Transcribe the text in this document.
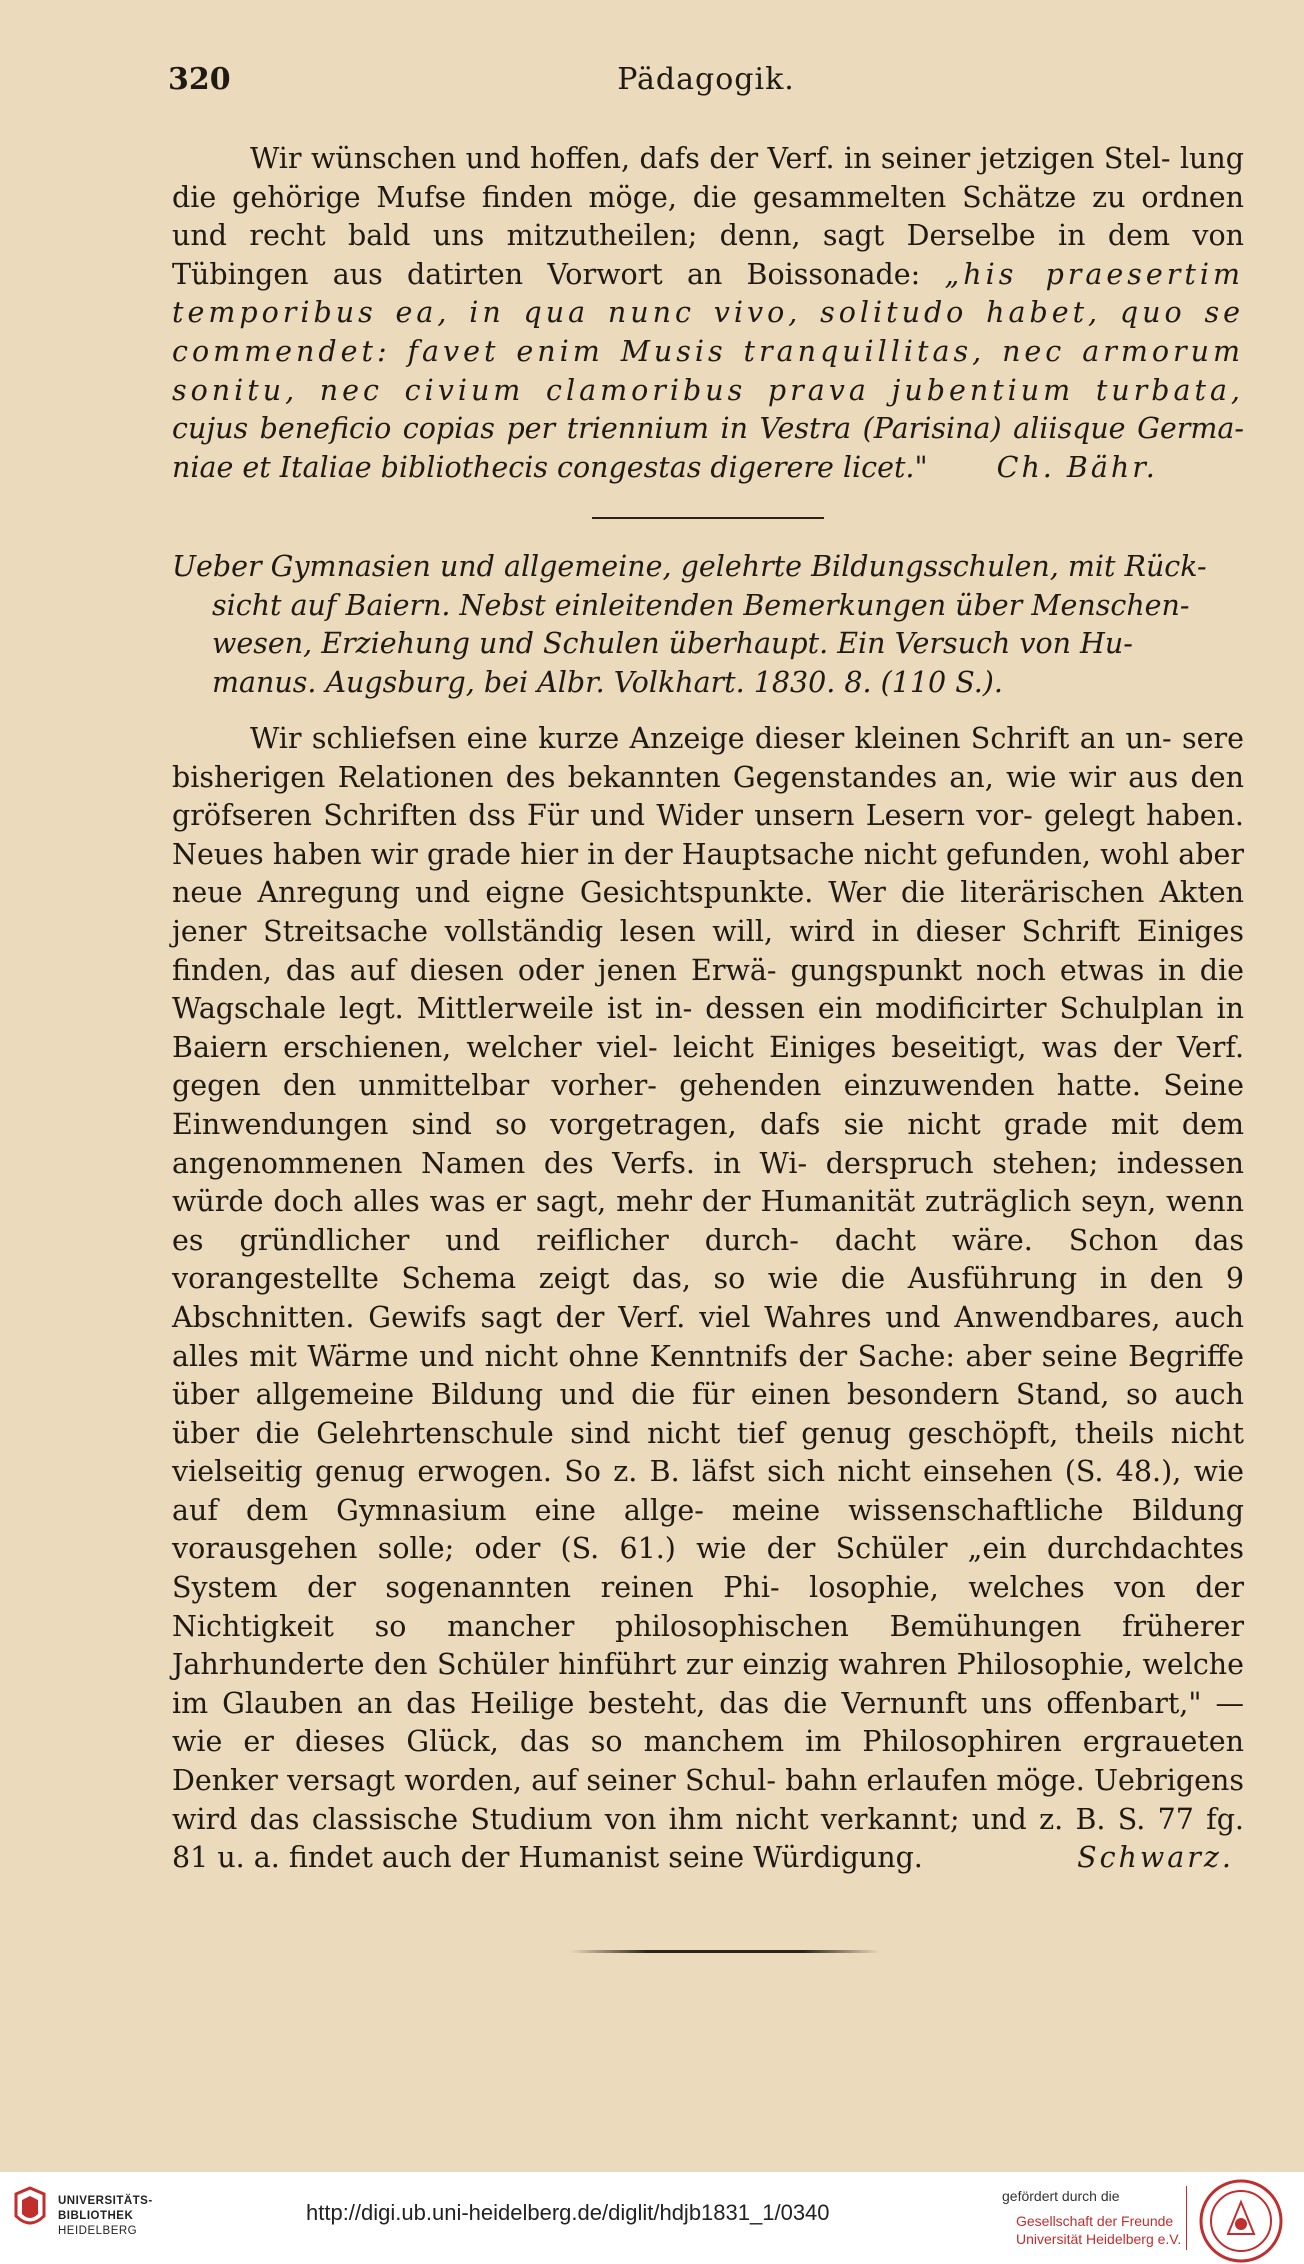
320	Pädagogik.

Wir wünschen und hoffen, dafs der Verf. in seiner jetzigen Stel- lung die gehörige Mufse finden möge, die gesammelten Schätze zu ordnen und recht bald uns mitzutheilen; denn, sagt Derselbe in dem von Tübingen aus datirten Vorwort an Boissonade: „his praesertim temporibus ea, in qua nunc vivo, solitudo habet, quo se commendet: favet enim Musis tranquillitas, nec armorum sonitu, nec civium clamoribus prava jubentium turbata, cujus beneficio copias per triennium in Vestra (Parisina) aliisque Germa- niae et Italiae bibliothecis congestas digerere licet." Ch. Bähr.

Ueber Gymnasien und allgemeine, gelehrte Bildungsschulen, mit Rück-
sicht auf Baiern. Nebst einleitenden Bemerkungen über Menschen-
wesen, Erziehung und Schulen überhaupt. Ein Versuch von Hu-
manus. Augsburg, bei Albr. Volkhart. 1830. 8. (110 S.).

Wir schliefsen eine kurze Anzeige dieser kleinen Schrift an un- sere bisherigen Relationen des bekannten Gegenstandes an, wie wir aus den gröfseren Schriften dss Für und Wider unsern Lesern vor- gelegt haben. Neues haben wir grade hier in der Hauptsache nicht gefunden, wohl aber neue Anregung und eigne Gesichtspunkte. Wer die literärischen Akten jener Streitsache vollständig lesen will, wird in dieser Schrift Einiges finden, das auf diesen oder jenen Erwä- gungspunkt noch etwas in die Wagschale legt. Mittlerweile ist in- dessen ein modificirter Schulplan in Baiern erschienen, welcher viel- leicht Einiges beseitigt, was der Verf. gegen den unmittelbar vorher- gehenden einzuwenden hatte. Seine Einwendungen sind so vorgetragen, dafs sie nicht grade mit dem angenommenen Namen des Verfs. in Wi- derspruch stehen; indessen würde doch alles was er sagt, mehr der Humanität zuträglich seyn, wenn es gründlicher und reiflicher durch- dacht wäre. Schon das vorangestellte Schema zeigt das, so wie die Ausführung in den 9 Abschnitten. Gewifs sagt der Verf. viel Wahres und Anwendbares, auch alles mit Wärme und nicht ohne Kenntnifs der Sache: aber seine Begriffe über allgemeine Bildung und die für einen besondern Stand, so auch über die Gelehrtenschule sind nicht tief genug geschöpft, theils nicht vielseitig genug erwogen. So z. B. läfst sich nicht einsehen (S. 48.), wie auf dem Gymnasium eine allge- meine wissenschaftliche Bildung vorausgehen solle; oder (S. 61.) wie der Schüler „ein durchdachtes System der sogenannten reinen Phi- losophie, welches von der Nichtigkeit so mancher philosophischen Bemühungen früherer Jahrhunderte den Schüler hinführt zur einzig wahren Philosophie, welche im Glauben an das Heilige besteht, das die Vernunft uns offenbart," — wie er dieses Glück, das so manchem im Philosophiren ergraueten Denker versagt worden, auf seiner Schul- bahn erlaufen möge. Uebrigens wird das classische Studium von ihm nicht verkannt; und z. B. S. 77 fg. 81 u. a. findet auch der Humanist seine Würdigung.	Schwarz.

UNIVERSITÄTS-
BIBLIOTHEK
HEIDELBERG
http://digi.ub.uni-heidelberg.de/diglit/hdjb1831_1/0340
gefördert durch die
Gesellschaft der Freunde
Universität Heidelberg e.V.
